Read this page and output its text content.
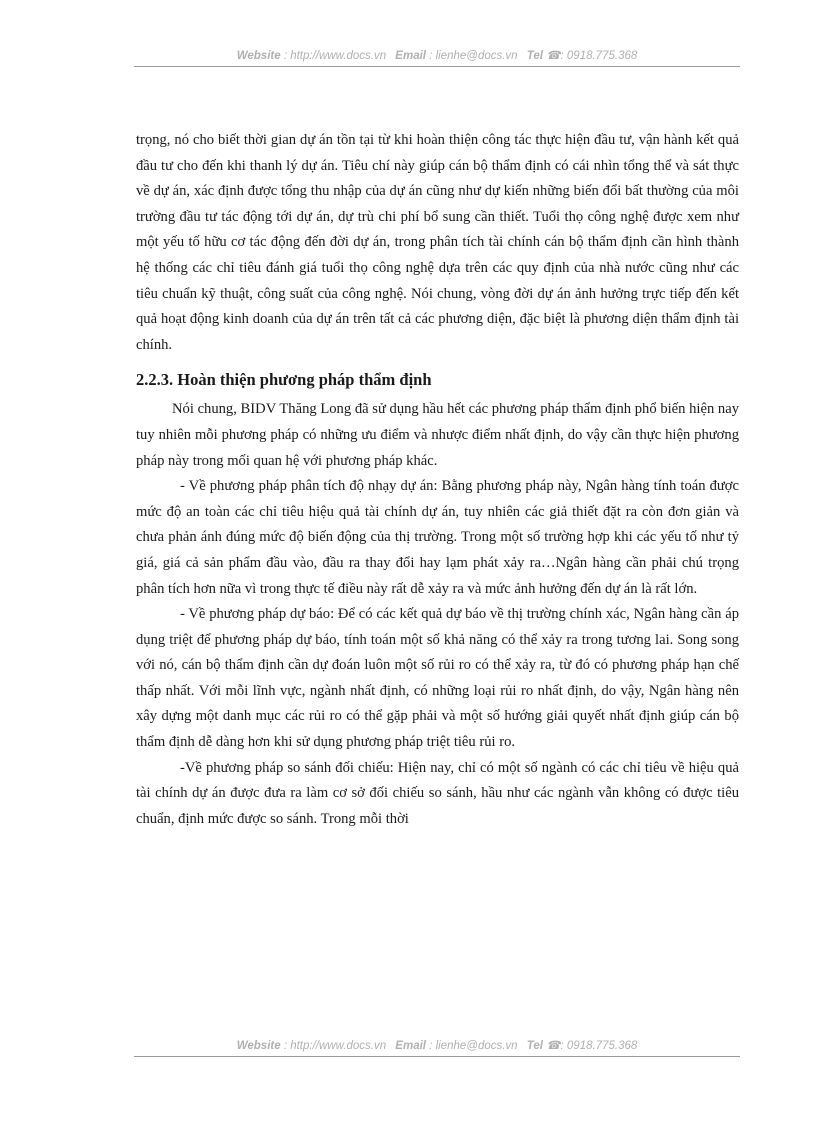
Website : http://www.docs.vn Email : lienhe@docs.vn Tel ☎: 0918.775.368

trọng, nó cho biết thời gian dự án tồn tại từ khi hoàn thiện công tác thực hiện đầu tư, vận hành kết quả đầu tư cho đến khi thanh lý dự án. Tiêu chí này giúp cán bộ thẩm định có cái nhìn tổng thể và sát thực về dự án, xác định được tổng thu nhập của dự án cũng như dự kiến những biến đổi bất thường của môi trường đầu tư tác động tới dự án, dự trù chi phí bổ sung cần thiết. Tuổi thọ công nghệ được xem như một yếu tố hữu cơ tác động đến đời dự án, trong phân tích tài chính cán bộ thẩm định cần hình thành hệ thống các chỉ tiêu đánh giá tuổi thọ công nghệ dựa trên các quy định của nhà nước cũng như các tiêu chuẩn kỹ thuật, công suất của công nghệ. Nói chung, vòng đời dự án ảnh hưởng trực tiếp đến kết quả hoạt động kinh doanh của dự án trên tất cả các phương diện, đặc biệt là phương diện thẩm định tài chính.

2.2.3. Hoàn thiện phương pháp thẩm định

Nói chung, BIDV Thăng Long đã sử dụng hầu hết các phương pháp thẩm định phổ biến hiện nay tuy nhiên mỗi phương pháp có những ưu điểm và nhược điểm nhất định, do vậy cần thực hiện phương pháp này trong mối quan hệ với phương pháp khác.

- Về phương pháp phân tích độ nhạy dự án: Bằng phương pháp này, Ngân hàng tính toán được mức độ an toàn các chỉ tiêu hiệu quả tài chính dự án, tuy nhiên các giả thiết đặt ra còn đơn giản và chưa phản ánh đúng mức độ biến động của thị trường. Trong một số trường hợp khi các yếu tố như tỷ giá, giá cả sản phẩm đầu vào, đầu ra thay đổi hay lạm phát xảy ra…Ngân hàng cần phải chú trọng phân tích hơn nữa vì trong thực tế điều này rất dễ xảy ra và mức ảnh hưởng đến dự án là rất lớn.

- Về phương pháp dự báo: Để có các kết quả dự báo về thị trường chính xác, Ngân hàng cần áp dụng triệt để phương pháp dự báo, tính toán một số khả năng có thể xảy ra trong tương lai. Song song với nó, cán bộ thẩm định cần dự đoán luôn một số rủi ro có thể xảy ra, từ đó có phương pháp hạn chế thấp nhất. Với mỗi lĩnh vực, ngành nhất định, có những loại rủi ro nhất định, do vậy, Ngân hàng nên xây dựng một danh mục các rủi ro có thể gặp phải và một số hướng giải quyết nhất định giúp cán bộ thẩm định dễ dàng hơn khi sử dụng phương pháp triệt tiêu rủi ro.

-Về phương pháp so sánh đối chiếu: Hiện nay, chỉ có một số ngành có các chỉ tiêu về hiệu quả tài chính dự án được đưa ra làm cơ sở đối chiếu so sánh, hầu như các ngành vẫn không có được tiêu chuẩn, định mức được so sánh. Trong mỗi thời

Website : http://www.docs.vn Email : lienhe@docs.vn Tel ☎: 0918.775.368
